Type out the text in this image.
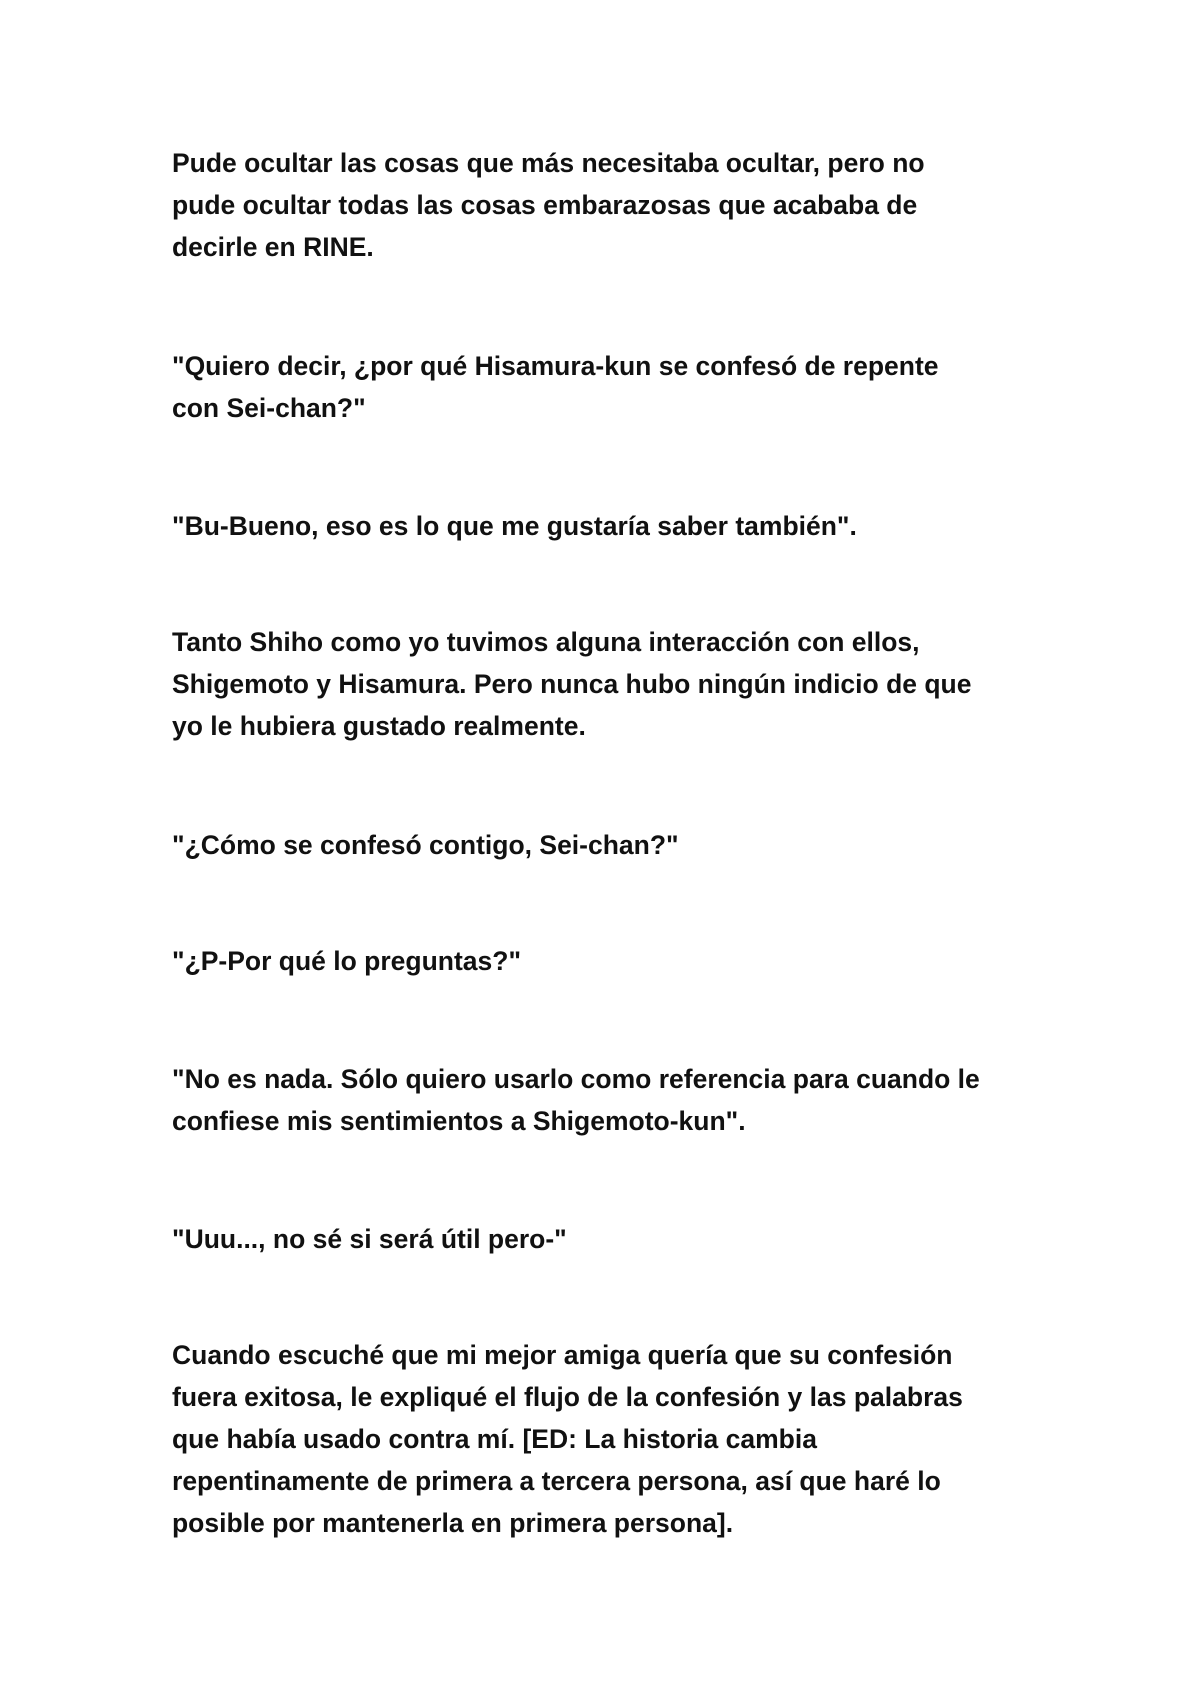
Pude ocultar las cosas que más necesitaba ocultar, pero no
pude ocultar todas las cosas embarazosas que acababa de
decirle en RINE.

"Quiero decir, ¿por qué Hisamura-kun se confesó de repente
con Sei-chan?"

"Bu-Bueno, eso es lo que me gustaría saber también".

Tanto Shiho como yo tuvimos alguna interacción con ellos,
Shigemoto y Hisamura. Pero nunca hubo ningún indicio de que
yo le hubiera gustado realmente.

"¿Cómo se confesó contigo, Sei-chan?"

"¿P-Por qué lo preguntas?"

"No es nada. Sólo quiero usarlo como referencia para cuando le
confiese mis sentimientos a Shigemoto-kun".

"Uuu..., no sé si será útil pero-"

Cuando escuché que mi mejor amiga quería que su confesión
fuera exitosa, le expliqué el flujo de la confesión y las palabras
que había usado contra mí. [ED: La historia cambia
repentinamente de primera a tercera persona, así que haré lo
posible por mantenerla en primera persona].
